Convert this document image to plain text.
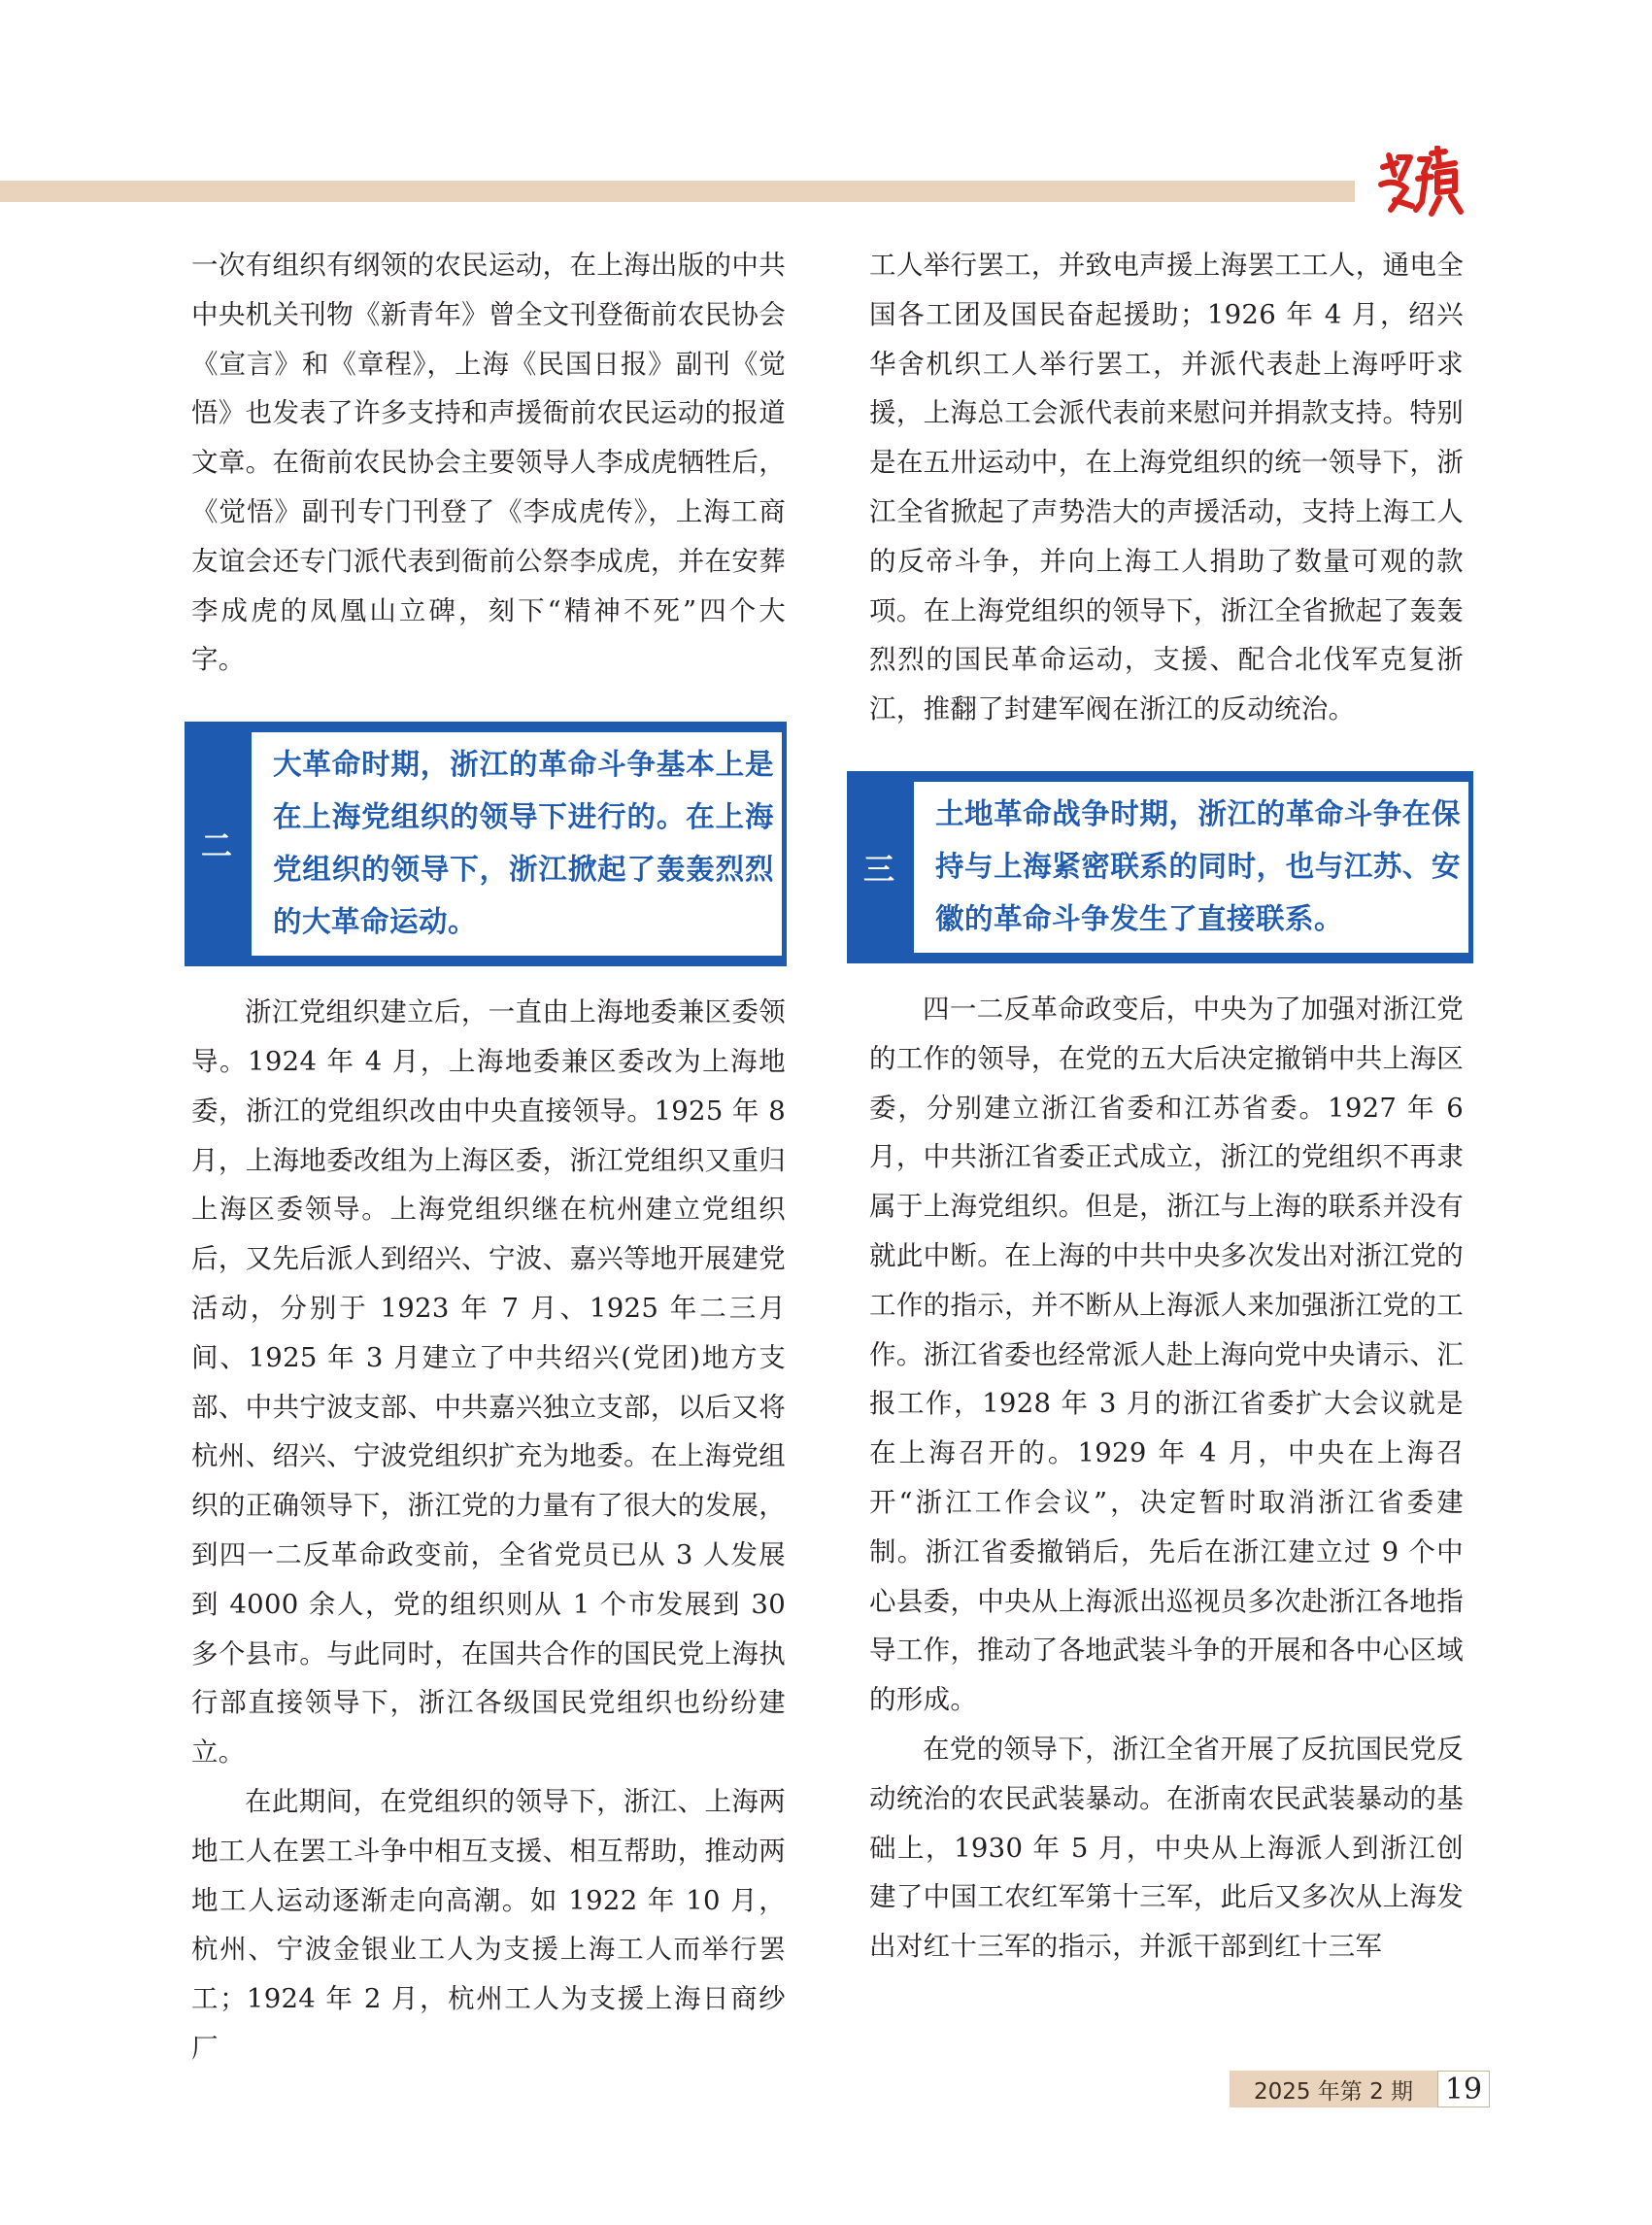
一次有组织有纲领的农民运动，在上海出版的中共中央机关刊物《新青年》曾全文刊登衙前农民协会《宣言》和《章程》，上海《民国日报》副刊《觉悟》也发表了许多支持和声援衙前农民运动的报道文章。在衙前农民协会主要领导人李成虎牺牲后，《觉悟》副刊专门刊登了《李成虎传》，上海工商友谊会还专门派代表到衙前公祭李成虎，并在安葬李成虎的凤凰山立碑，刻下“精神不死”四个大字。

二
大革命时期，浙江的革命斗争基本上是在上海党组织的领导下进行的。在上海党组织的领导下，浙江掀起了轰轰烈烈的大革命运动。

浙江党组织建立后，一直由上海地委兼区委领导。1924 年 4 月，上海地委兼区委改为上海地委，浙江的党组织改由中央直接领导。1925 年 8 月，上海地委改组为上海区委，浙江党组织又重归上海区委领导。上海党组织继在杭州建立党组织后，又先后派人到绍兴、宁波、嘉兴等地开展建党活动，分别于 1923 年 7 月、1925 年二三月间、1925 年 3 月建立了中共绍兴(党团)地方支部、中共宁波支部、中共嘉兴独立支部，以后又将杭州、绍兴、宁波党组织扩充为地委。在上海党组织的正确领导下，浙江党的力量有了很大的发展，到四一二反革命政变前，全省党员已从 3 人发展到 4000 余人，党的组织则从 1 个市发展到 30 多个县市。与此同时，在国共合作的国民党上海执行部直接领导下，浙江各级国民党组织也纷纷建立。

在此期间，在党组织的领导下，浙江、上海两地工人在罢工斗争中相互支援、相互帮助，推动两地工人运动逐渐走向高潮。如 1922 年 10 月，杭州、宁波金银业工人为支援上海工人而举行罢工；1924 年 2 月，杭州工人为支援上海日商纱厂

工人举行罢工，并致电声援上海罢工工人，通电全国各工团及国民奋起援助；1926 年 4 月，绍兴华舍机织工人举行罢工，并派代表赴上海呼吁求援，上海总工会派代表前来慰问并捐款支持。特别是在五卅运动中，在上海党组织的统一领导下，浙江全省掀起了声势浩大的声援活动，支持上海工人的反帝斗争，并向上海工人捐助了数量可观的款项。在上海党组织的领导下，浙江全省掀起了轰轰烈烈的国民革命运动，支援、配合北伐军克复浙江，推翻了封建军阀在浙江的反动统治。

三
土地革命战争时期，浙江的革命斗争在保持与上海紧密联系的同时，也与江苏、安徽的革命斗争发生了直接联系。

四一二反革命政变后，中央为了加强对浙江党的工作的领导，在党的五大后决定撤销中共上海区委，分别建立浙江省委和江苏省委。1927 年 6 月，中共浙江省委正式成立，浙江的党组织不再隶属于上海党组织。但是，浙江与上海的联系并没有就此中断。在上海的中共中央多次发出对浙江党的工作的指示，并不断从上海派人来加强浙江党的工作。浙江省委也经常派人赴上海向党中央请示、汇报工作，1928 年 3 月的浙江省委扩大会议就是在上海召开的。1929 年 4 月，中央在上海召开“浙江工作会议”，决定暂时取消浙江省委建制。浙江省委撤销后，先后在浙江建立过 9 个中心县委，中央从上海派出巡视员多次赴浙江各地指导工作，推动了各地武装斗争的开展和各中心区域的形成。

在党的领导下，浙江全省开展了反抗国民党反动统治的农民武装暴动。在浙南农民武装暴动的基础上，1930 年 5 月，中央从上海派人到浙江创建了中国工农红军第十三军，此后又多次从上海发出对红十三军的指示，并派干部到红十三军

2025 年第 2 期	19
